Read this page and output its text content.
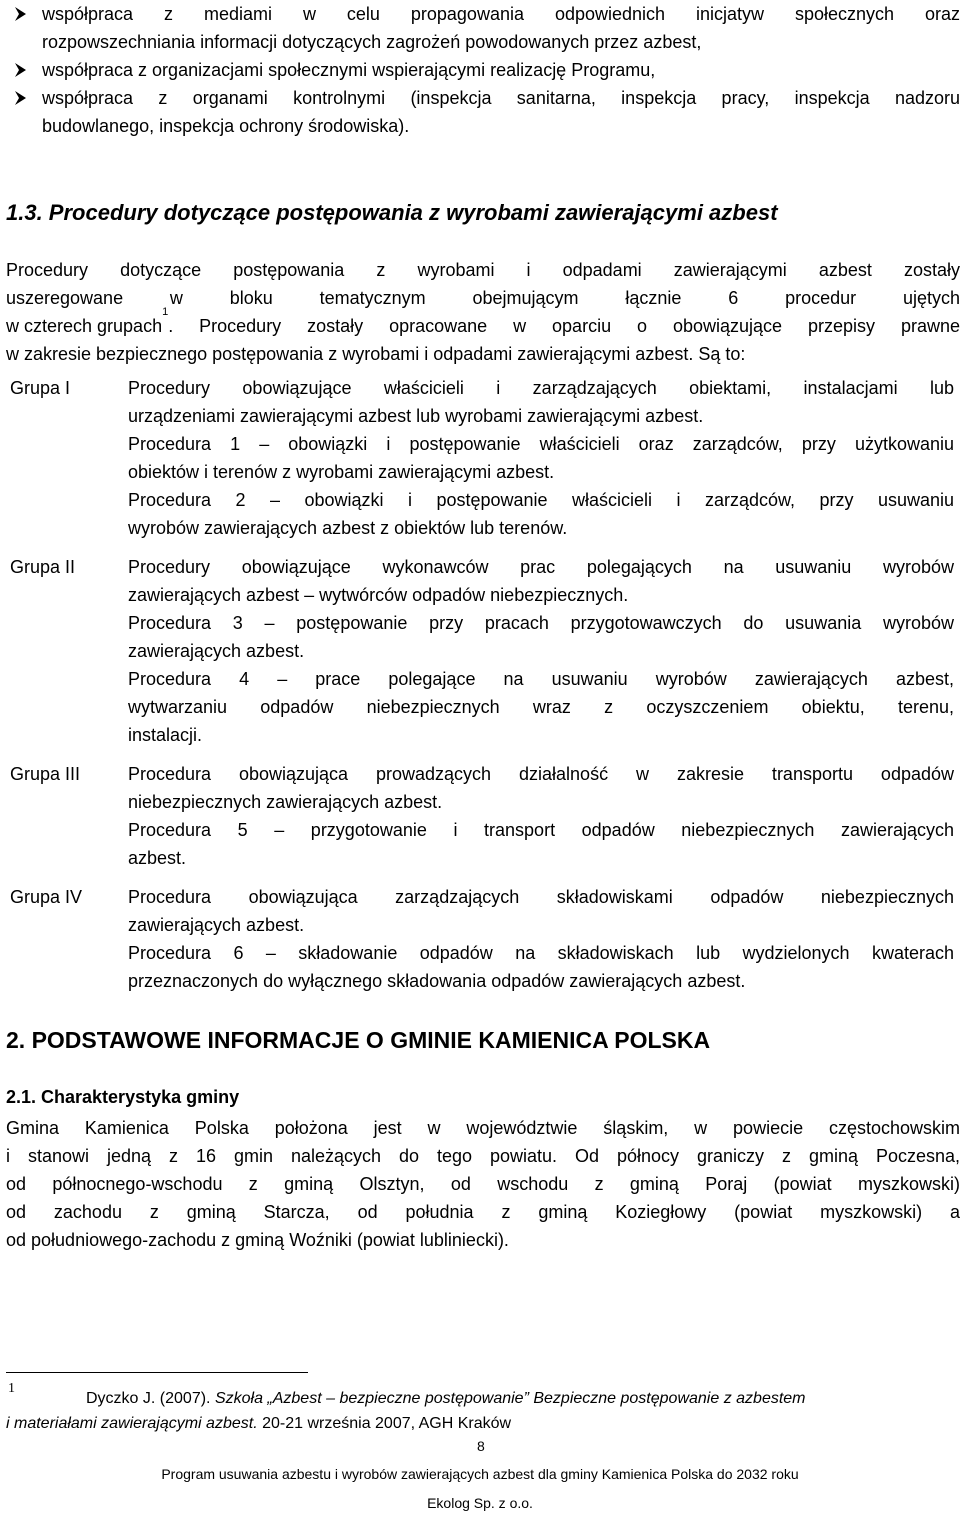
współpraca z mediami w celu propagowania odpowiednich inicjatyw społecznych oraz
rozpowszechniania informacji dotyczących zagrożeń powodowanych przez azbest,
współpraca z organizacjami społecznymi wspierającymi realizację Programu,
współpraca z organami kontrolnymi (inspekcja sanitarna, inspekcja pracy, inspekcja nadzoru
budowlanego, inspekcja ochrony środowiska).
1.3. Procedury dotyczące postępowania z wyrobami zawierającymi azbest
Procedury dotyczące postępowania z wyrobami i odpadami zawierającymi azbest zostały
uszeregowane w bloku tematycznym obejmującym łącznie 6 procedur ujętych
w czterech grupach
1
. Procedury zostały opracowane w oparciu o obowiązujące przepisy prawne
w zakresie bezpiecznego postępowania z wyrobami i odpadami zawierającymi azbest. Są to:
Grupa I	Procedury obowiązujące właścicieli i zarządzających obiektami, instalacjami lub
urządzeniami zawierającymi azbest lub wyrobami zawierającymi azbest.
Procedura 1 – obowiązki i postępowanie właścicieli oraz zarządców, przy użytkowaniu
obiektów i terenów z wyrobami zawierającymi azbest.
Procedura 2 – obowiązki i postępowanie właścicieli i zarządców, przy usuwaniu
wyrobów zawierających azbest z obiektów lub terenów.
Grupa II	Procedury obowiązujące wykonawców prac polegających na usuwaniu wyrobów
zawierających azbest – wytwórców odpadów niebezpiecznych.
Procedura 3 – postępowanie przy pracach przygotowawczych do usuwania wyrobów
zawierających azbest.
Procedura 4 – prace polegające na usuwaniu wyrobów zawierających azbest,
wytwarzaniu odpadów niebezpiecznych wraz z oczyszczeniem obiektu, terenu,
instalacji.
Grupa III	Procedura obowiązująca prowadzących działalność w zakresie transportu odpadów
niebezpiecznych zawierających azbest.
Procedura 5 – przygotowanie i transport odpadów niebezpiecznych zawierających
azbest.
Grupa IV	Procedura obowiązująca zarządzających składowiskami odpadów niebezpiecznych
zawierających azbest.
Procedura 6 – składowanie odpadów na składowiskach lub wydzielonych kwaterach
przeznaczonych do wyłącznego składowania odpadów zawierających azbest.
2. PODSTAWOWE INFORMACJE O GMINIE KAMIENICA POLSKA
2.1. Charakterystyka gminy
Gmina Kamienica Polska położona jest w województwie śląskim, w powiecie częstochowskim
i stanowi jedną z 16 gmin należących do tego powiatu. Od północy graniczy z gminą Poczesna,
od północnego-wschodu z gminą Olsztyn, od wschodu z gminą Poraj (powiat myszkowski)
od zachodu z gminą Starcza, od południa z gminą Koziegłowy (powiat myszkowski) a
od południowego-zachodu z gminą Woźniki (powiat lubliniecki).
1
Dyczko J. (2007). Szkoła „Azbest – bezpieczne postępowanie” Bezpieczne postępowanie z azbestem
i materiałami zawierającymi azbest. 20-21 września 2007, AGH Kraków
8
Program usuwania azbestu i wyrobów zawierających azbest dla gminy Kamienica Polska do 2032 roku
Ekolog Sp. z o.o.
